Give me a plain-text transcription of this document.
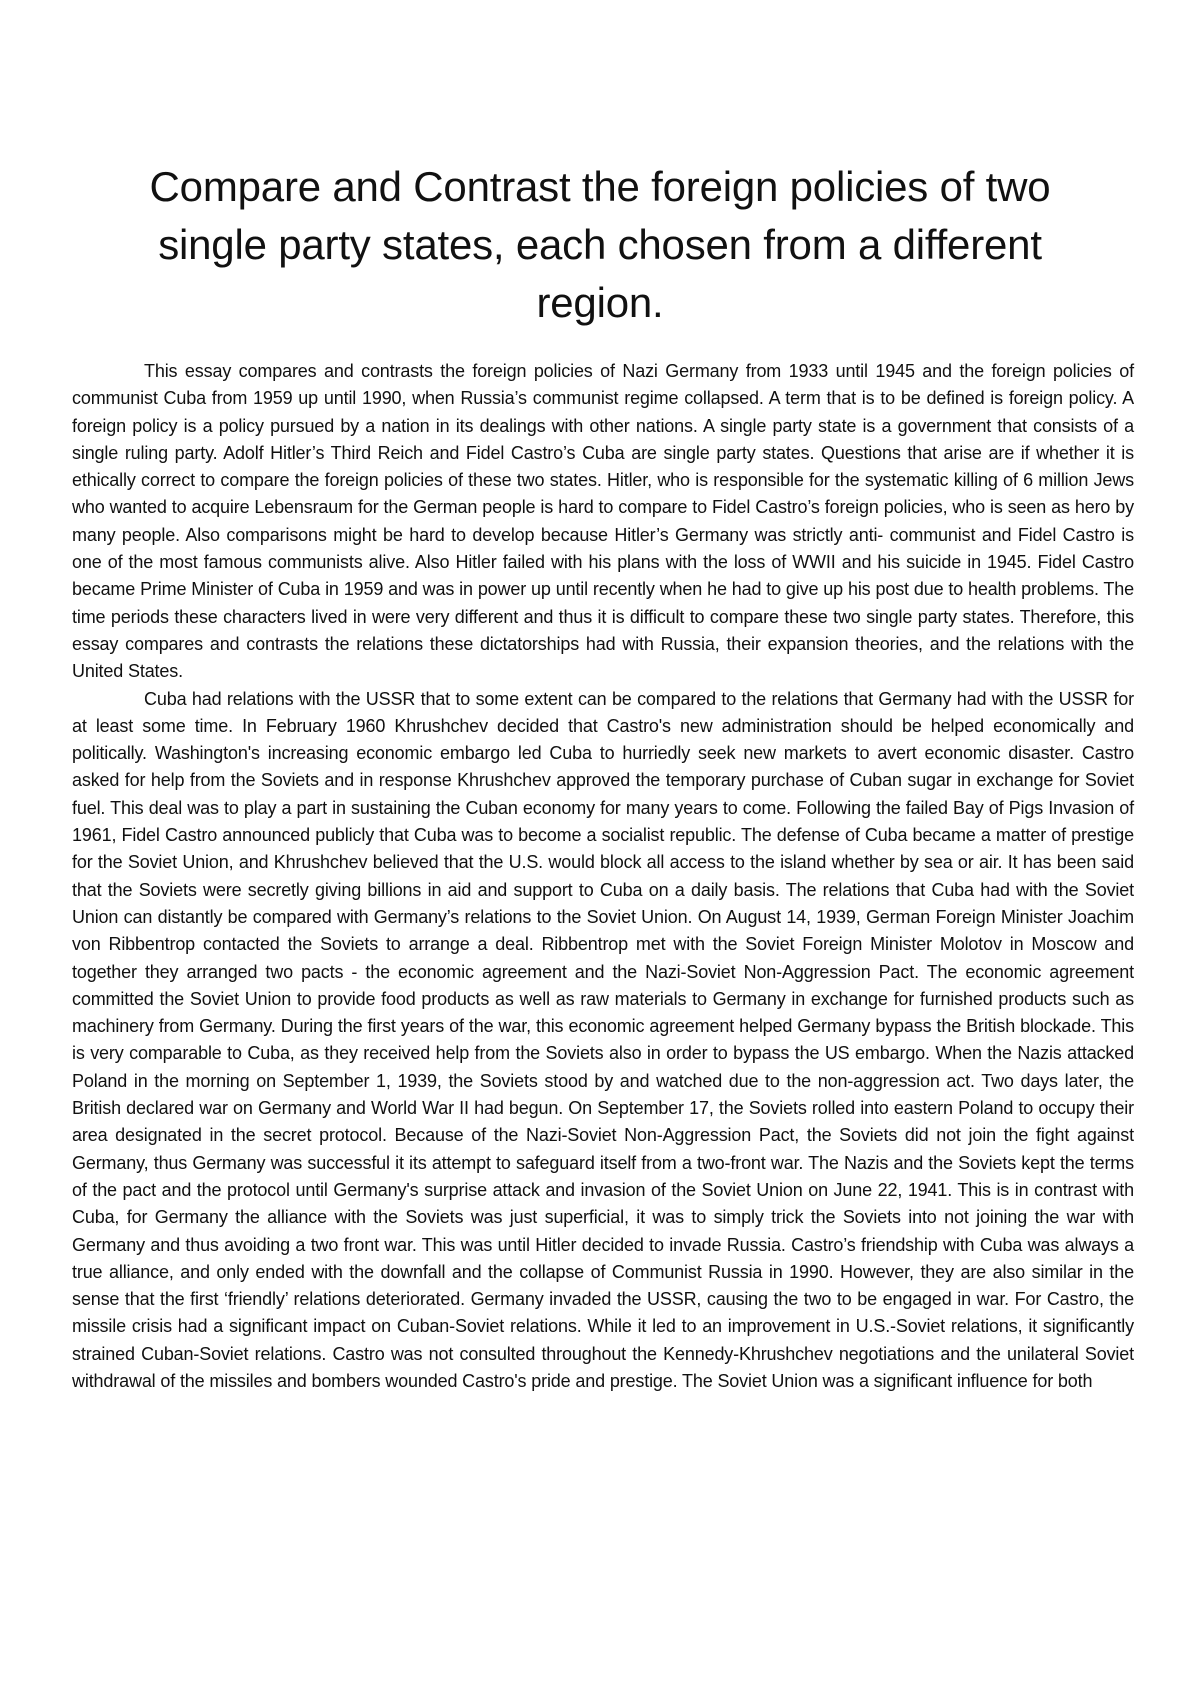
Compare and Contrast the foreign policies of two single party states, each chosen from a different region.

This essay compares and contrasts the foreign policies of Nazi Germany from 1933 until 1945 and the foreign policies of communist Cuba from 1959 up until 1990, when Russia’s communist regime collapsed. A term that is to be defined is foreign policy. A foreign policy is a policy pursued by a nation in its dealings with other nations. A single party state is a government that consists of a single ruling party. Adolf Hitler’s Third Reich and Fidel Castro’s Cuba are single party states. Questions that arise are if whether it is ethically correct to compare the foreign policies of these two states. Hitler, who is responsible for the systematic killing of 6 million Jews who wanted to acquire Lebensraum for the German people is hard to compare to Fidel Castro’s foreign policies, who is seen as hero by many people. Also comparisons might be hard to develop because Hitler’s Germany was strictly anti- communist and Fidel Castro is one of the most famous communists alive. Also Hitler failed with his plans with the loss of WWII and his suicide in 1945. Fidel Castro became Prime Minister of Cuba in 1959 and was in power up until recently when he had to give up his post due to health problems. The time periods these characters lived in were very different and thus it is difficult to compare these two single party states. Therefore, this essay compares and contrasts the relations these dictatorships had with Russia, their expansion theories, and the relations with the United States.

Cuba had relations with the USSR that to some extent can be compared to the relations that Germany had with the USSR for at least some time. In February 1960 Khrushchev decided that Castro's new administration should be helped economically and politically. Washington's increasing economic embargo led Cuba to hurriedly seek new markets to avert economic disaster. Castro asked for help from the Soviets and in response Khrushchev approved the temporary purchase of Cuban sugar in exchange for Soviet fuel. This deal was to play a part in sustaining the Cuban economy for many years to come. Following the failed Bay of Pigs Invasion of 1961, Fidel Castro announced publicly that Cuba was to become a socialist republic. The defense of Cuba became a matter of prestige for the Soviet Union, and Khrushchev believed that the U.S. would block all access to the island whether by sea or air. It has been said that the Soviets were secretly giving billions in aid and support to Cuba on a daily basis. The relations that Cuba had with the Soviet Union can distantly be compared with Germany’s relations to the Soviet Union. On August 14, 1939, German Foreign Minister Joachim von Ribbentrop contacted the Soviets to arrange a deal. Ribbentrop met with the Soviet Foreign Minister Molotov in Moscow and together they arranged two pacts - the economic agreement and the Nazi-Soviet Non-Aggression Pact. The economic agreement committed the Soviet Union to provide food products as well as raw materials to Germany in exchange for furnished products such as machinery from Germany. During the first years of the war, this economic agreement helped Germany bypass the British blockade. This is very comparable to Cuba, as they received help from the Soviets also in order to bypass the US embargo. When the Nazis attacked Poland in the morning on September 1, 1939, the Soviets stood by and watched due to the non-aggression act. Two days later, the British declared war on Germany and World War II had begun. On September 17, the Soviets rolled into eastern Poland to occupy their area designated in the secret protocol. Because of the Nazi-Soviet Non-Aggression Pact, the Soviets did not join the fight against Germany, thus Germany was successful it its attempt to safeguard itself from a two-front war. The Nazis and the Soviets kept the terms of the pact and the protocol until Germany's surprise attack and invasion of the Soviet Union on June 22, 1941. This is in contrast with Cuba, for Germany the alliance with the Soviets was just superficial, it was to simply trick the Soviets into not joining the war with Germany and thus avoiding a two front war. This was until Hitler decided to invade Russia. Castro’s friendship with Cuba was always a true alliance, and only ended with the downfall and the collapse of Communist Russia in 1990. However, they are also similar in the sense that the first ‘friendly’ relations deteriorated. Germany invaded the USSR, causing the two to be engaged in war. For Castro, the missile crisis had a significant impact on Cuban-Soviet relations. While it led to an improvement in U.S.-Soviet relations, it significantly strained Cuban-Soviet relations. Castro was not consulted throughout the Kennedy-Khrushchev negotiations and the unilateral Soviet withdrawal of the missiles and bombers wounded Castro's pride and prestige. The Soviet Union was a significant influence for both
